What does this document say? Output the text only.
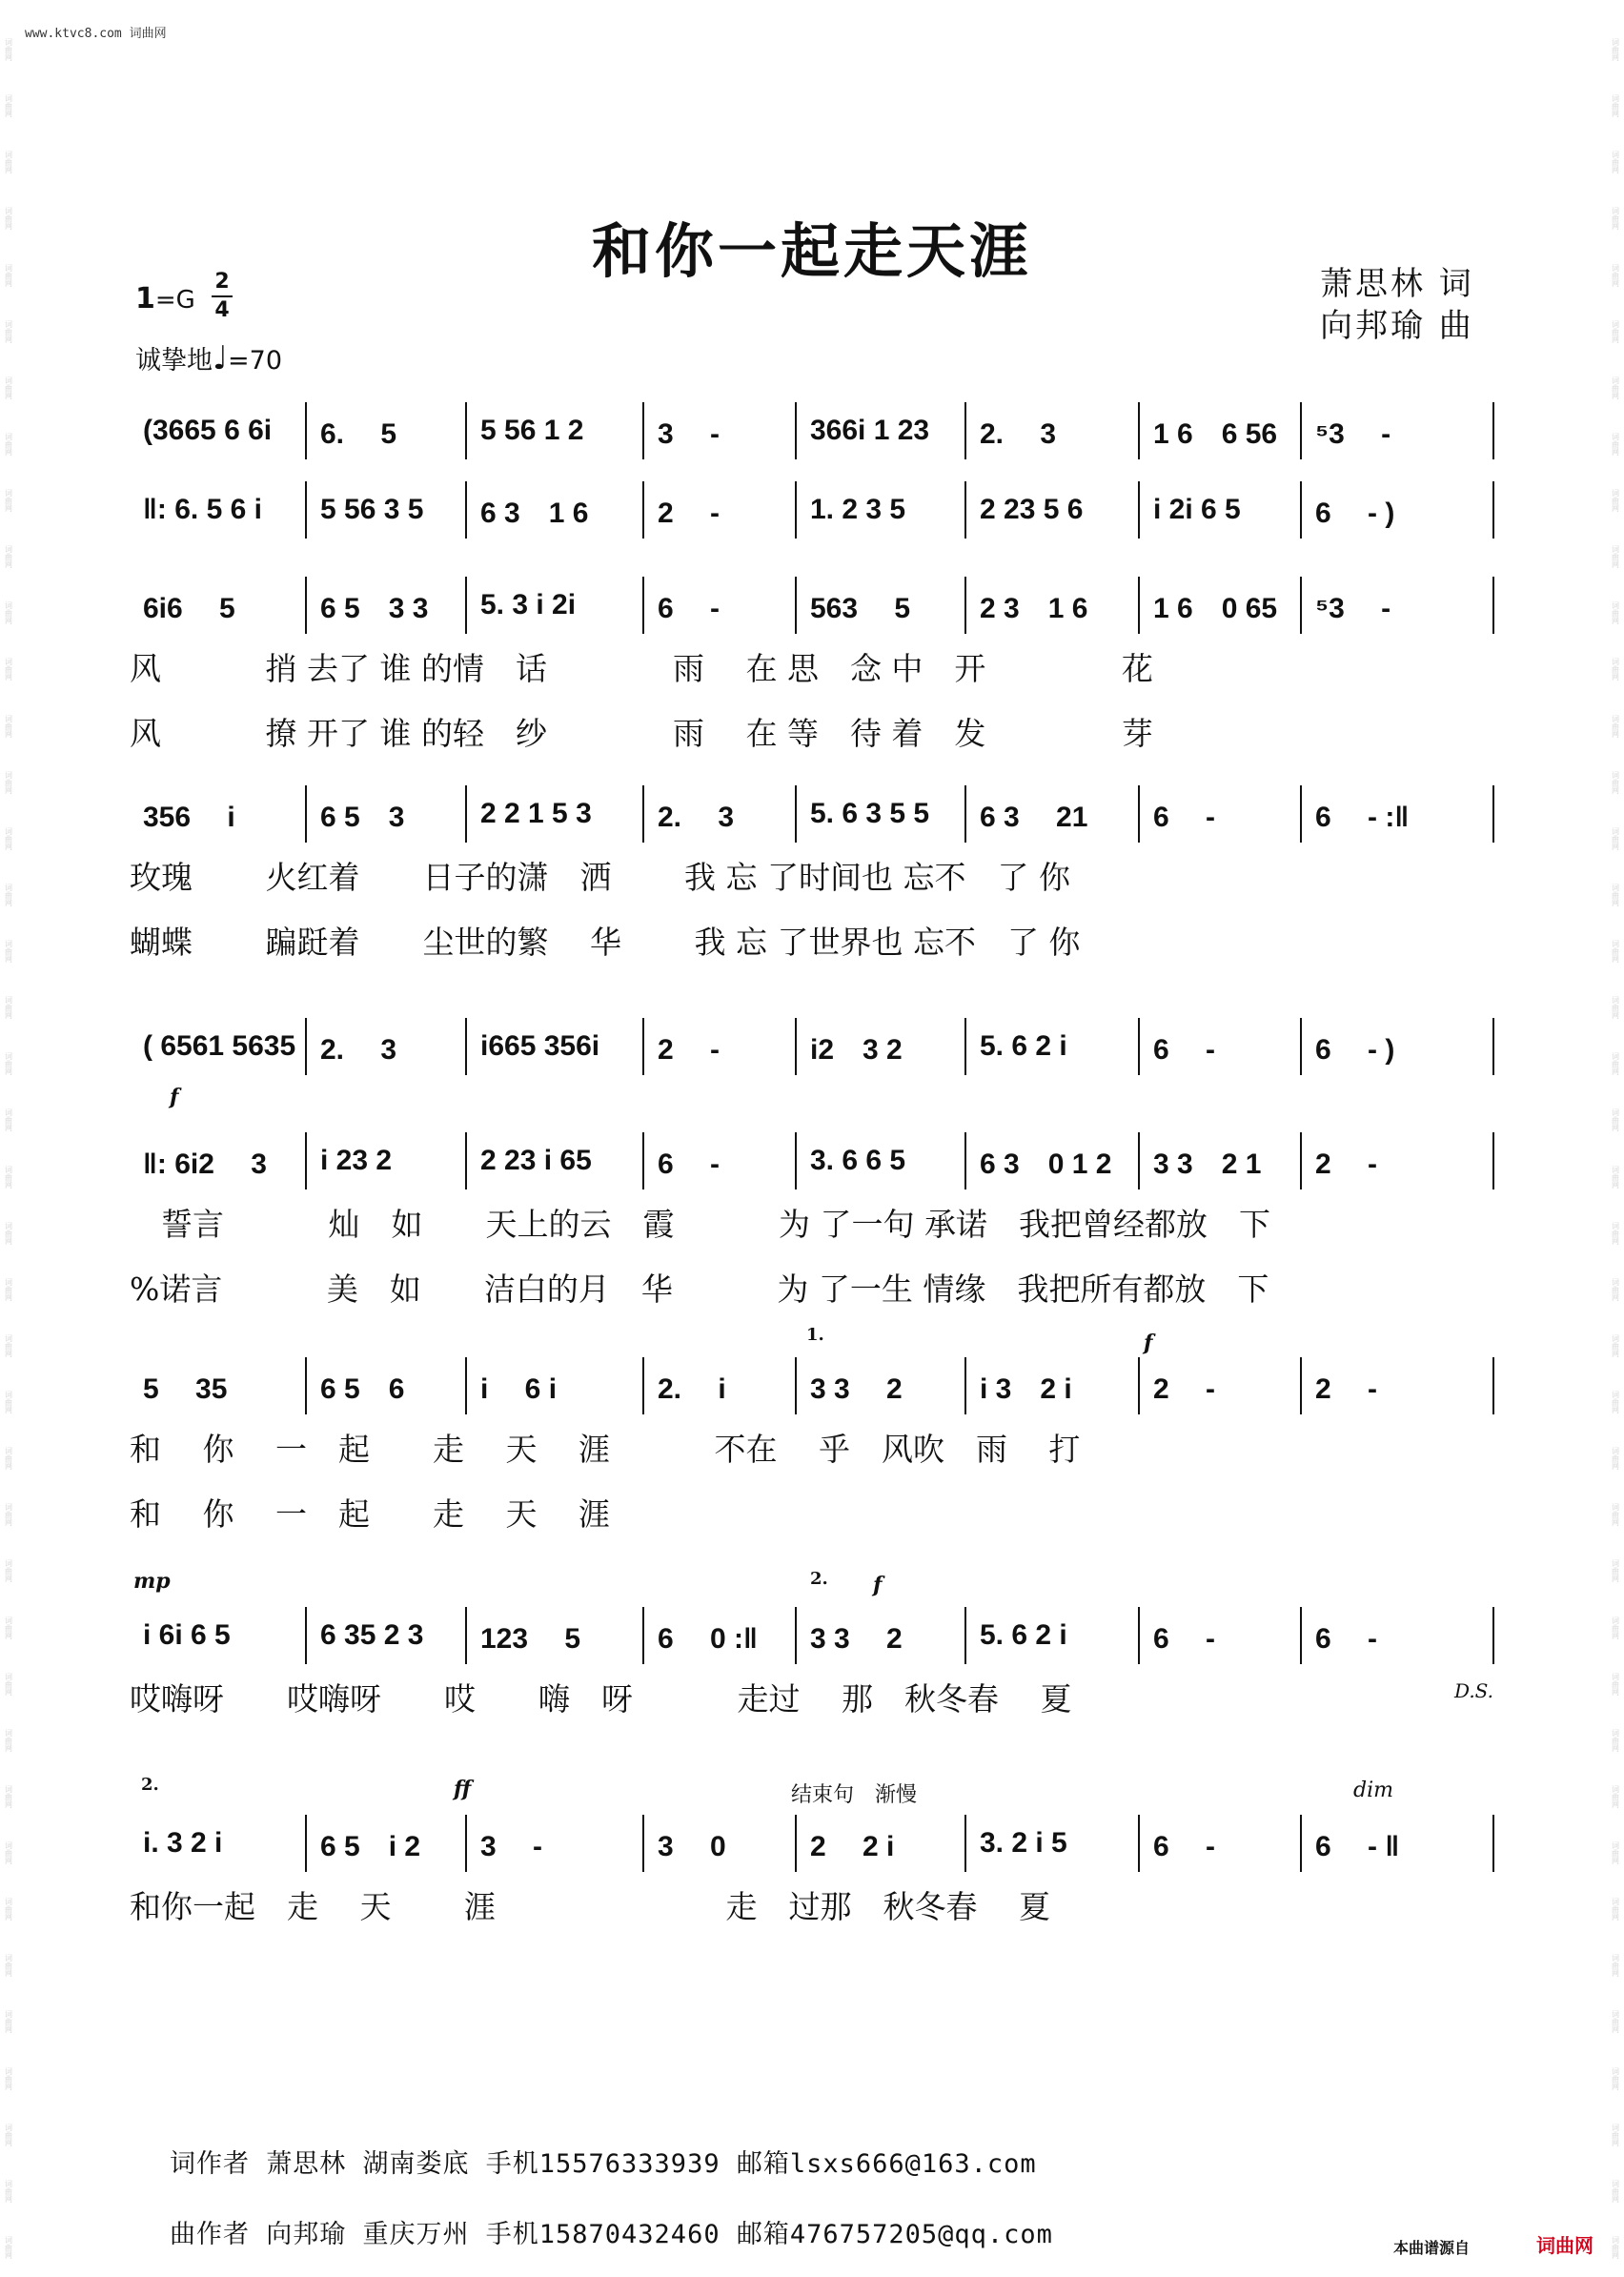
www.ktvc8.com 词曲网
词曲网
词曲网
词曲网
词曲网
词曲网
词曲网
词曲网
词曲网
词曲网
词曲网
词曲网
词曲网
词曲网
词曲网
词曲网
词曲网
词曲网
词曲网
词曲网
词曲网
词曲网
词曲网
词曲网
词曲网
词曲网
词曲网
词曲网
词曲网
词曲网
词曲网
词曲网
词曲网
词曲网
词曲网
词曲网
词曲网
词曲网
词曲网
词曲网
词曲网
词曲网
词曲网
词曲网
词曲网
词曲网
词曲网
词曲网
词曲网
词曲网
词曲网
词曲网
词曲网
词曲网
词曲网
词曲网
词曲网
词曲网
词曲网
词曲网
词曲网
词曲网
词曲网
词曲网
词曲网
词曲网
词曲网
词曲网
词曲网
词曲网
词曲网
词曲网
词曲网
词曲网
词曲网
词曲网
词曲网
词曲网
词曲网
词曲网
词曲网
和你一起走天涯	萧思林 词
向邦瑜 曲
1=G
2
4
诚挚地♩=70
(3665 6 6i	6.　 5	5 56 1 2	3　 -	366i 1 23	2.　 3	1 6　6 56	⁵3　 -
‖: 6. 5 6 i	5 56 3 5	6 3　1 6	2　 -	1. 2 3 5	2 23 5 6	i 2i 6 5	6　 - )
6i6　 5	6 5　3 3	5. 3 i 2i	6　 -	563　 5	2 3　1 6	1 6　0 65	⁵3　 -
风　　　 捎 去了 谁 的情　话　　　　雨　 在 思　念 中　开　　　　 花
风　　　 撩 开了 谁 的轻　纱　　　　雨　 在 等　待 着　发　　　　 芽
356　 i	6 5　3	2 2 1 5 3	2.　 3	5. 6 3 5 5	6 3　 21	6　 -	6　 - :‖
玫瑰　　 火红着　　日子的潇　洒　　 我 忘 了时间也 忘不　了 你
蝴蝶　　 蹁跹着　　尘世的繁　 华　　 我 忘 了世界也 忘不　了 你
( 6561 5635 2.　 3	i665 356i	2　 -	i2　3 2	5. 6 2 i	6　 -	6　 - )
‖: 6i2　 3	i 23 2	2 23 i 65	6　 -	3. 6 6 5	6 3　0 1 2	3 3　2 1	2　 -
　誓言　　　 灿　如　　天上的云　霞　　　 为 了一句 承诺　我把曾经都放　下
%诺言　　　 美　如　　洁白的月　华　　　 为 了一生 情缘　我把所有都放　下
5　 35	6 5　6	i　 6 i	2.　 i	3 3　 2	i 3　2 i	2　 -	2　 -
和　 你　 一　起　　走　 天　 涯　　　 不在　 乎　风吹　雨　 打
和　 你　 一　起　　走　 天　 涯
i 6i 6 5	6 35 2 3	123　 5	6　 0 :‖	3 3　 2	5. 6 2 i	6　 -	6　 -
哎嗨呀　　哎嗨呀　　哎　　嗨　呀　　　 走过　 那　秋冬春　 夏
i. 3 2 i	6 5　i 2	3　 -	3　 0	2　 2 i	3. 2 i 5	6　 -	6　 - ‖
和你一起　走　 天　　 涯　　　　　　　 走　过那　秋冬春　 夏
f
f
f
mp
ff	dim
结束句　渐慢
1.
2.
2.
D.S.
词作者 萧思林 湖南娄底 手机15576333939 邮箱lsxs666@163.com
曲作者 向邦瑜 重庆万州 手机15870432460 邮箱476757205@qq.com	本曲谱源自	词曲网
